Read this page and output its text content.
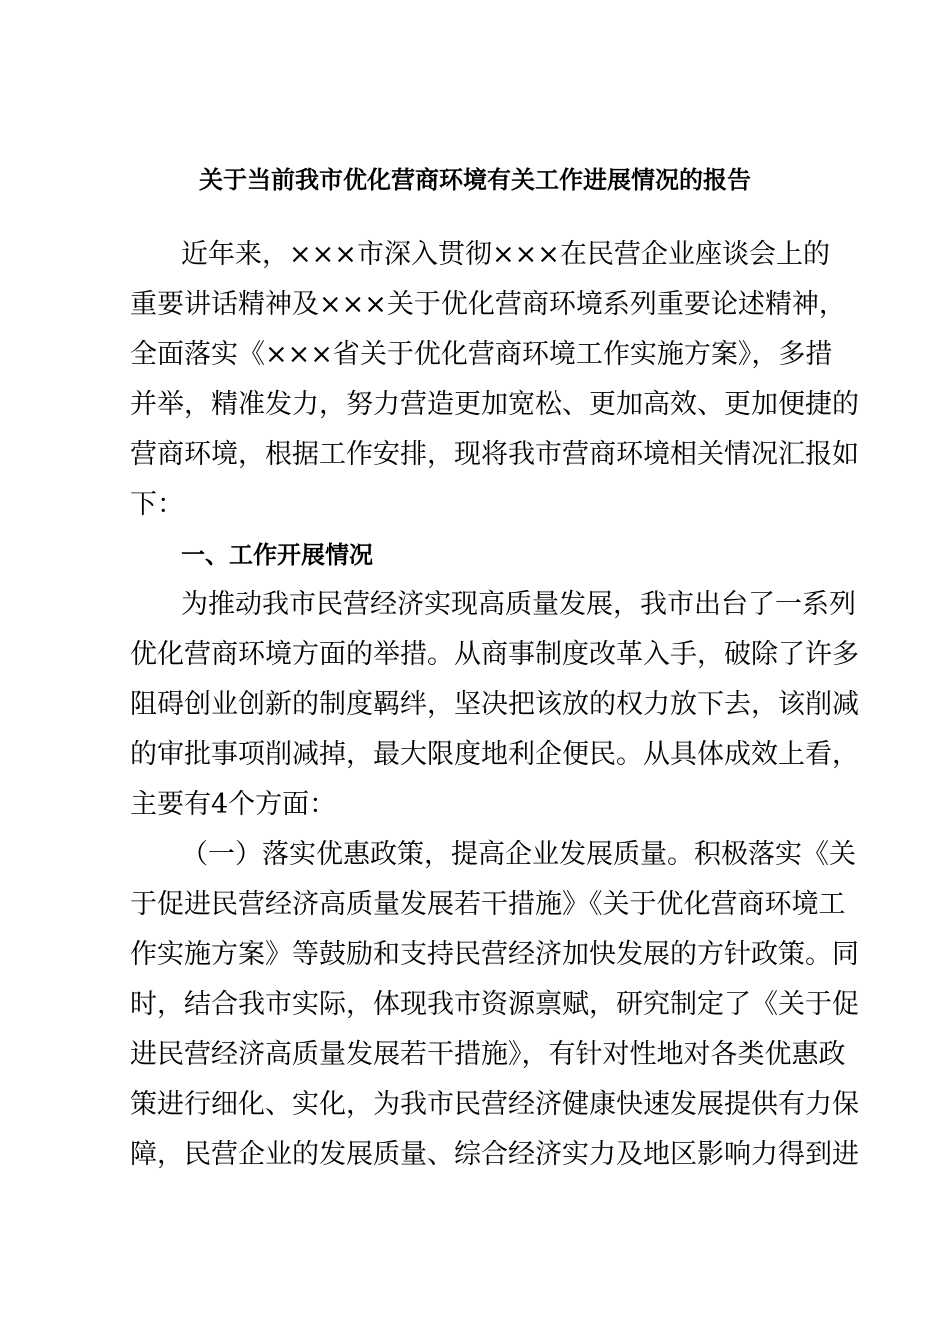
关于当前我市优化营商环境有关工作进展情况的报告
近年来，×××市深入贯彻×××在民营企业座谈会上的
重要讲话精神及×××关于优化营商环境系列重要论述精神，
全面落实《×××省关于优化营商环境工作实施方案》，多措
并举，精准发力，努力营造更加宽松、更加高效、更加便捷的
营商环境，根据工作安排，现将我市营商环境相关情况汇报如
下：
一、工作开展情况
为推动我市民营经济实现高质量发展，我市出台了一系列
优化营商环境方面的举措。从商事制度改革入手，破除了许多
阻碍创业创新的制度羁绊，坚决把该放的权力放下去，该削减
的审批事项削减掉，最大限度地利企便民。从具体成效上看，
主要有4个方面：
（一）落实优惠政策，提高企业发展质量。积极落实《关
于促进民营经济高质量发展若干措施》《关于优化营商环境工
作实施方案》等鼓励和支持民营经济加快发展的方针政策。同
时，结合我市实际，体现我市资源禀赋，研究制定了《关于促
进民营经济高质量发展若干措施》，有针对性地对各类优惠政
策进行细化、实化，为我市民营经济健康快速发展提供有力保
障，民营企业的发展质量、综合经济实力及地区影响力得到进
